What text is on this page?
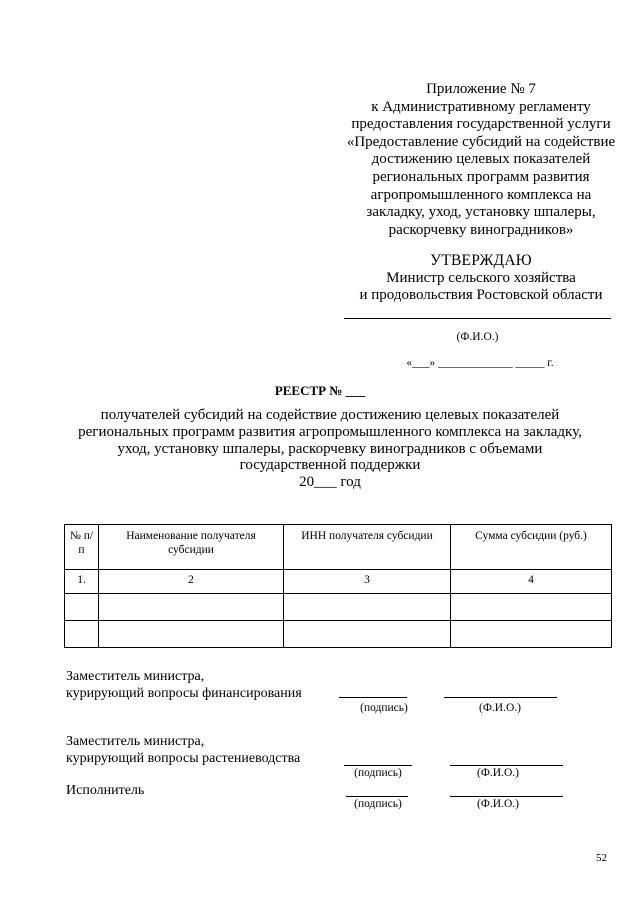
Приложение № 7
к Административному регламенту
предоставления государственной услуги
«Предоставление субсидий на содействие
достижению целевых показателей
региональных программ развития
агропромышленного комплекса на
закладку, уход, установку шпалеры,
раскорчевку виноградников»
УТВЕРЖДАЮ
Министр сельского хозяйства
и продовольствия Ростовской области
(Ф.И.О.)
«___» _____________ _____ г.
РЕЕСТР № ___
получателей субсидий на содействие достижению целевых показателей
региональных программ развития агропромышленного комплекса на закладку,
уход, установку шпалеры, раскорчевку виноградников с объемами
государственной поддержки
20___ год
№ п/п	Наименование получателя субсидии	ИНН получателя субсидии	Сумма субсидии (руб.)
1.	2	3	4

Заместитель министра,
курирующий вопросы финансирования
(подпись)	(Ф.И.О.)
Заместитель министра,
курирующий вопросы растениеводства
(подпись)	(Ф.И.О.)
Исполнитель
(подпись)	(Ф.И.О.)
52
